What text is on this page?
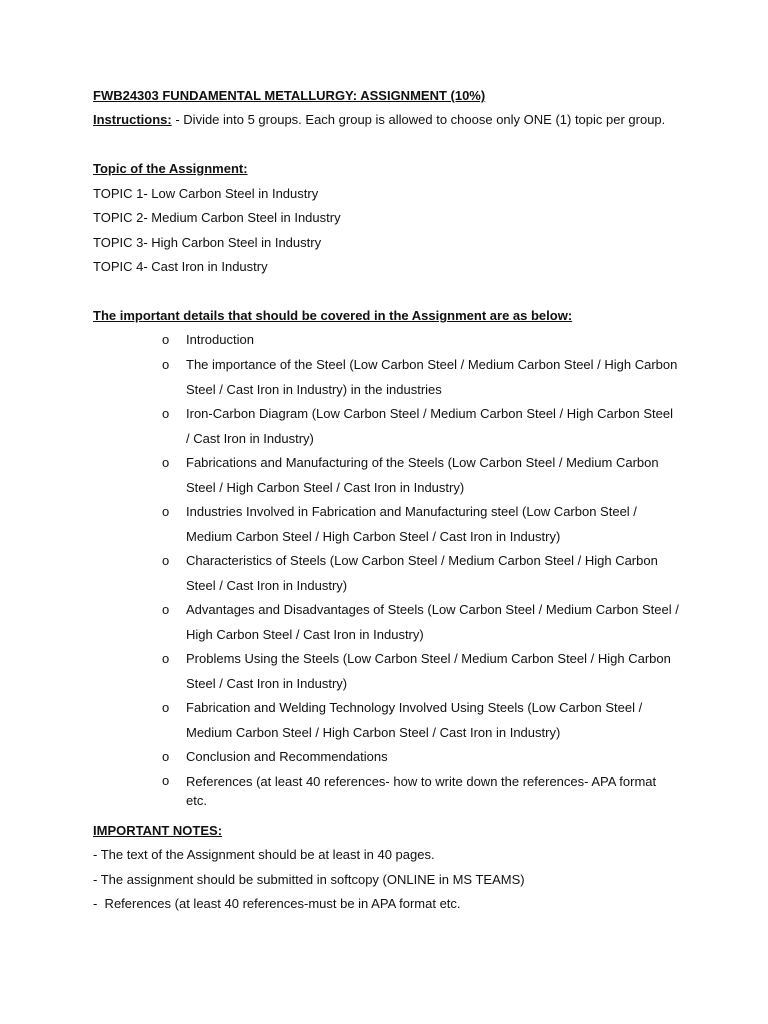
FWB24303 FUNDAMENTAL METALLURGY: ASSIGNMENT (10%)
Instructions: - Divide into 5 groups. Each group is allowed to choose only ONE (1) topic per group.
Topic of the Assignment:
TOPIC 1- Low Carbon Steel in Industry
TOPIC 2- Medium Carbon Steel in Industry
TOPIC 3- High Carbon Steel in Industry
TOPIC 4- Cast Iron in Industry
The important details that should be covered in the Assignment are as below:
o	Introduction
o	The importance of the Steel (Low Carbon Steel / Medium Carbon Steel / High Carbon
Steel / Cast Iron in Industry) in the industries
o	Iron-Carbon Diagram (Low Carbon Steel / Medium Carbon Steel / High Carbon Steel
/ Cast Iron in Industry)
o	Fabrications and Manufacturing of the Steels (Low Carbon Steel / Medium Carbon
Steel / High Carbon Steel / Cast Iron in Industry)
o	Industries Involved in Fabrication and Manufacturing steel (Low Carbon Steel /
Medium Carbon Steel / High Carbon Steel / Cast Iron in Industry)
o	Characteristics of Steels (Low Carbon Steel / Medium Carbon Steel / High Carbon
Steel / Cast Iron in Industry)
o	Advantages and Disadvantages of Steels (Low Carbon Steel / Medium Carbon Steel /
High Carbon Steel / Cast Iron in Industry)
o	Problems Using the Steels (Low Carbon Steel / Medium Carbon Steel / High Carbon
Steel / Cast Iron in Industry)
o	Fabrication and Welding Technology Involved Using Steels (Low Carbon Steel /
Medium Carbon Steel / High Carbon Steel / Cast Iron in Industry)
o	Conclusion and Recommendations
o	References (at least 40 references- how to write down the references- APA format
etc.
IMPORTANT NOTES:
- The text of the Assignment should be at least in 40 pages.
- The assignment should be submitted in softcopy (ONLINE in MS TEAMS)
-  References (at least 40 references-must be in APA format etc.
